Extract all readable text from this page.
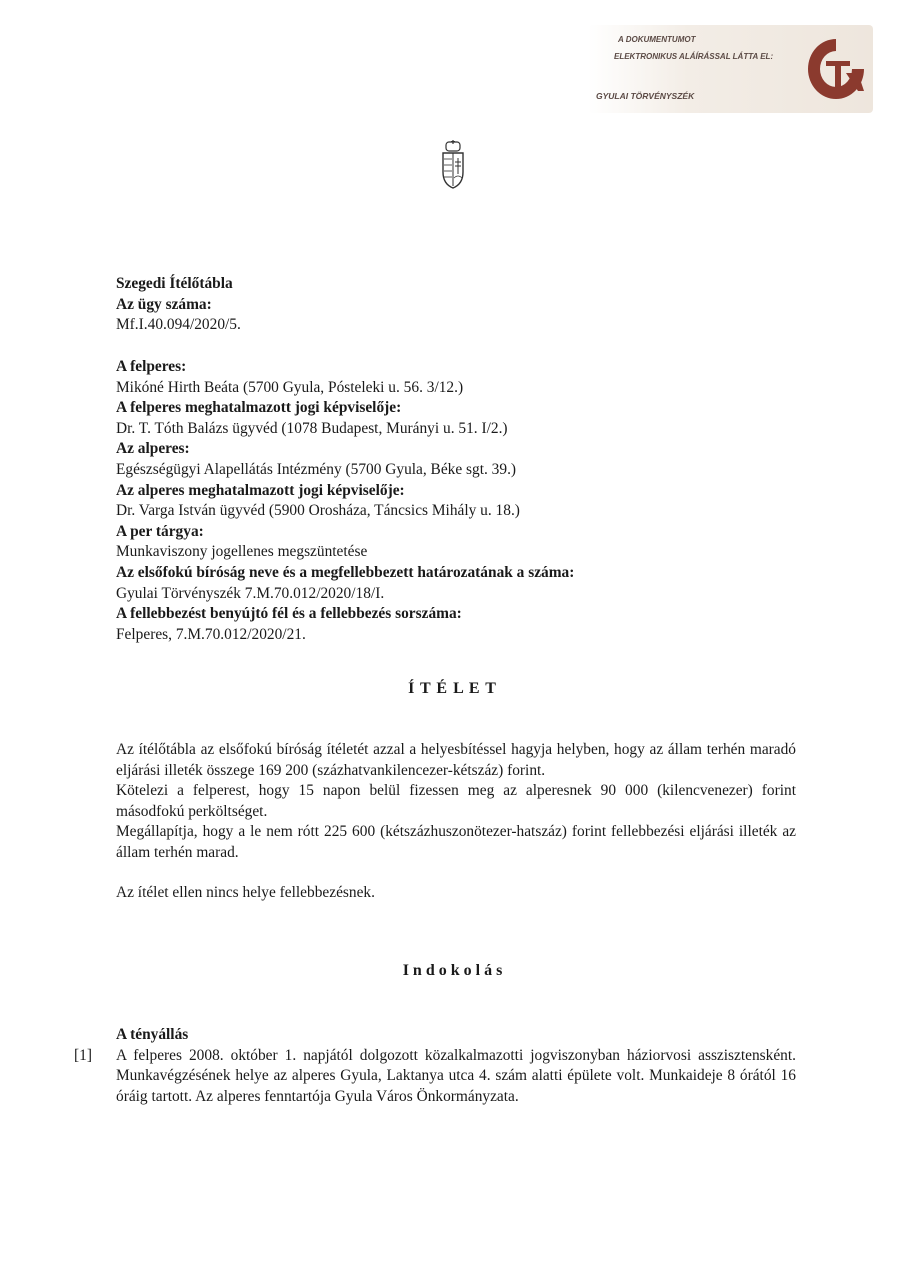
A DOKUMENTUMOT
ELEKTRONIKUS ALÁÍRÁSSAL LÁTTA EL:
GYULAI TÖRVÉNYSZÉK

Szegedi Ítélőtábla

Az ügy száma:

Mf.I.40.094/2020/5.

A felperes:

Mikóné Hirth Beáta (5700 Gyula, Pósteleki u. 56. 3/12.)

A felperes meghatalmazott jogi képviselője:

Dr. T. Tóth Balázs ügyvéd (1078 Budapest, Murányi u. 51. I/2.)

Az alperes:

Egészségügyi Alapellátás Intézmény (5700 Gyula, Béke sgt. 39.)

Az alperes meghatalmazott jogi képviselője:

Dr. Varga István ügyvéd (5900 Orosháza, Táncsics Mihály u. 18.)

A per tárgya:

Munkaviszony jogellenes megszüntetése

Az elsőfokú bíróság neve és a megfellebbezett határozatának a száma:

Gyulai Törvényszék 7.M.70.012/2020/18/I.

A fellebbezést benyújtó fél és a fellebbezés sorszáma:

Felperes, 7.M.70.012/2020/21.

Í T É L E T

Az ítélőtábla az elsőfokú bíróság ítéletét azzal a helyesbítéssel hagyja helyben, hogy az állam terhén maradó eljárási illeték összege 169 200 (százhatvankilencezer-kétszáz) forint.

Kötelezi a felperest, hogy 15 napon belül fizessen meg az alperesnek 90 000 (kilencvenezer) forint másodfokú perköltséget.

Megállapítja, hogy a le nem rótt 225 600 (kétszázhuszonötezer-hatszáz) forint fellebbezési eljárási illeték az állam terhén marad.

Az ítélet ellen nincs helye fellebbezésnek.

I n d o k o l á s

A tényállás

A felperes 2008. október 1. napjától dolgozott közalkalmazotti jogviszonyban háziorvosi asszisztensként. Munkavégzésének helye az alperes Gyula, Laktanya utca 4. szám alatti épülete volt. Munkaideje 8 órától 16 óráig tartott. Az alperes fenntartója Gyula Város Önkormányzata.

[1]
